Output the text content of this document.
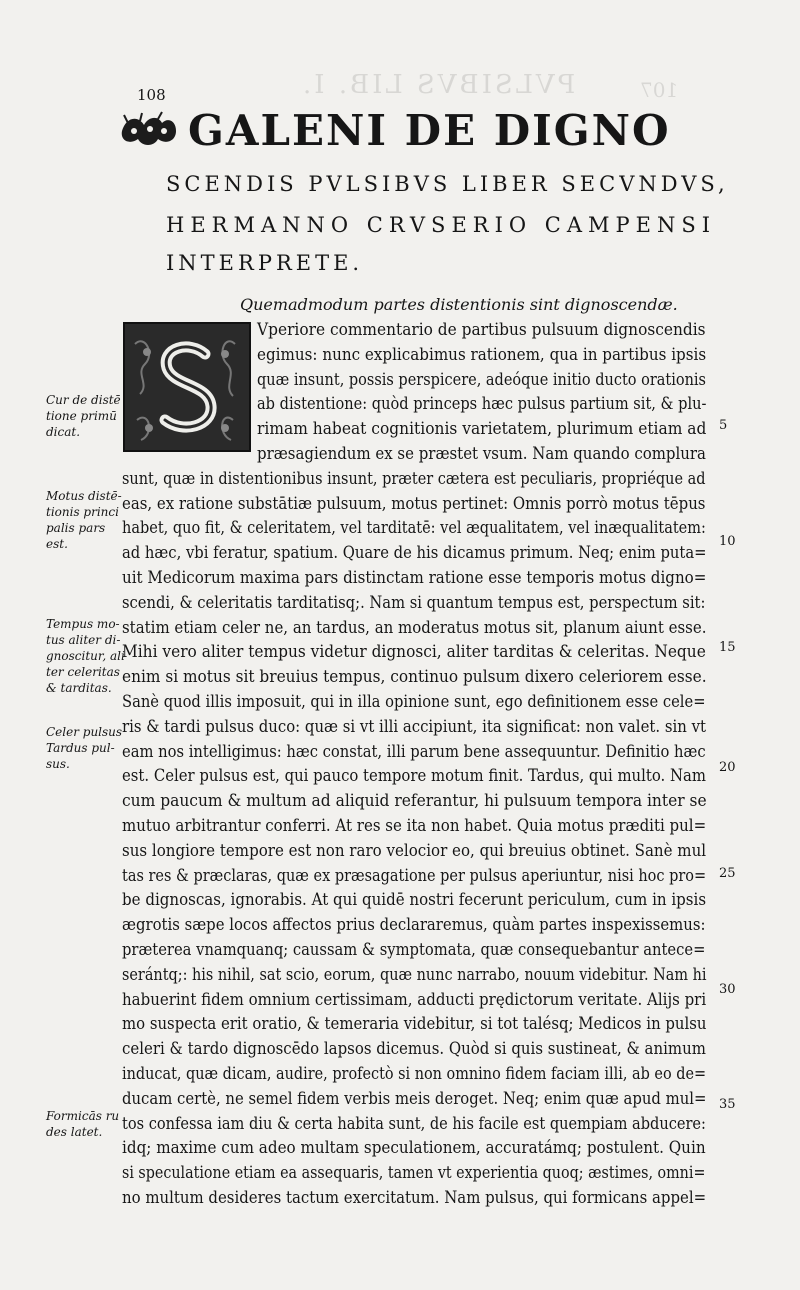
PVLSIBVS LIB. I.	107
108
GALENI DE DIGNO
SCENDIS PVLSIBVS LIBER SECVNDVS,
HERMANNO CRVSERIO CAMPENSI
INTERPRETE.
Quemadmodum partes distentionis sint dignoscendæ.
Vperiore commentario de partibus pulsuum dignoscendis
egimus: nunc explicabimus rationem, qua in partibus ipsis
quæ insunt, possis perspicere, adeóque initio ducto orationis
ab distentione: quòd princeps hæc pulsus partium sit, & plu-
rimam habeat cognitionis varietatem, plurimum etiam ad
præsagiendum ex se præstet vsum. Nam quando complura
sunt, quæ in distentionibus insunt, præter cætera est peculiaris, propriéque ad
eas, ex ratione substātiæ pulsuum, motus pertinet: Omnis porrò motus tēpus
habet, quo fit, & celeritatem, vel tarditatē: vel æqualitatem, vel inæqualitatem:
ad hæc, vbi feratur, spatium. Quare de his dicamus primum. Neq; enim puta=
uit Medicorum maxima pars distinctam ratione esse temporis motus digno=
scendi, & celeritatis tarditatisq;. Nam si quantum tempus est, perspectum sit:
statim etiam celer ne, an tardus, an moderatus motus sit, planum aiunt esse.
Mihi vero aliter tempus videtur dignosci, aliter tarditas & celeritas. Neque
enim si motus sit breuius tempus, continuo pulsum dixero celeriorem esse.
Sanè quod illis imposuit, qui in illa opinione sunt, ego definitionem esse cele=
ris & tardi pulsus duco: quæ si vt illi accipiunt, ita significat: non valet. sin vt
eam nos intelligimus: hæc constat, illi parum bene assequuntur. Definitio hæc
est. Celer pulsus est, qui pauco tempore motum finit. Tardus, qui multo. Nam
cum paucum & multum ad aliquid referantur, hi pulsuum tempora inter se
mutuo arbitrantur conferri. At res se ita non habet. Quia motus præditi pul=
sus longiore tempore est non raro velocior eo, qui breuius obtinet. Sanè mul
tas res & præclaras, quæ ex præsagatione per pulsus aperiuntur, nisi hoc pro=
be dignoscas, ignorabis. At qui quidē nostri fecerunt periculum, cum in ipsis
ægrotis sæpe locos affectos prius declararemus, quàm partes inspexissemus:
præterea vnamquanq; caussam & symptomata, quæ consequebantur antece=
serántq;: his nihil, sat scio, eorum, quæ nunc narrabo, nouum videbitur. Nam hi
habuerint fidem omnium certissimam, adducti prędictorum veritate. Alijs pri
mo suspecta erit oratio, & temeraria videbitur, si tot talésq; Medicos in pulsu
celeri & tardo dignoscēdo lapsos dicemus. Quòd si quis sustineat, & animum
inducat, quæ dicam, audire, profectò si non omnino fidem faciam illi, ab eo de=
ducam certè, ne semel fidem verbis meis deroget. Neq; enim quæ apud mul=
tos confessa iam diu & certa habita sunt, de his facile est quempiam abducere:
idq; maxime cum adeo multam speculationem, accuratámq; postulent. Quin
si speculatione etiam ea assequaris, tamen vt experientia quoq; æstimes, omni=
no multum desideres tactum exercitatum. Nam pulsus, qui formicans appel=
Cur de distē
tione primū
dicat.
Motus distē-
tionis princi
palis pars
est.
Tempus mo-
tus aliter di-
gnoscitur, ali
ter celeritas
& tarditas.
Celer pulsus
Tardus pul-
sus.
Formicās ru
des latet.
5
10
15
20
25
30
35
